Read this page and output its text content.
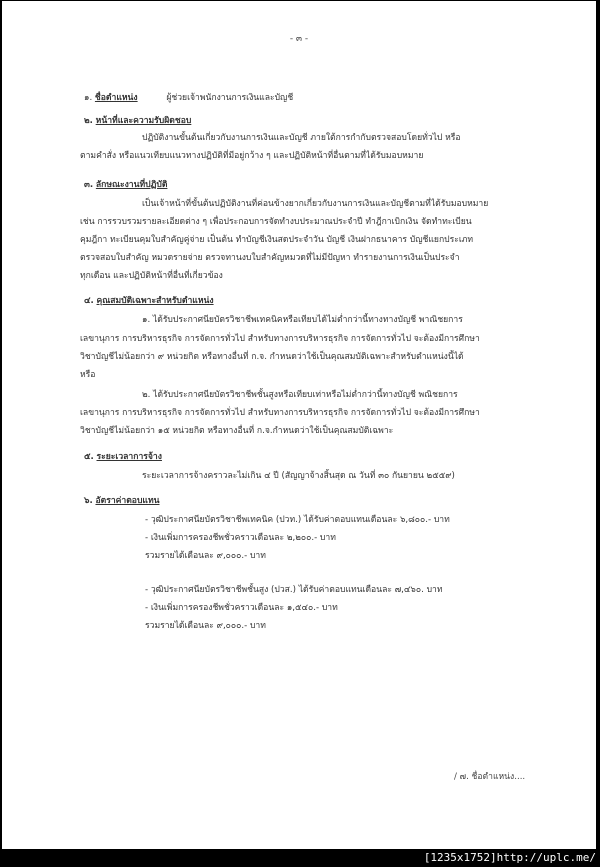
- ๓ -
๑. ชื่อตำแหน่ง	ผู้ช่วยเจ้าพนักงานการเงินและบัญชี
๒. หน้าที่และความรับผิดชอบ
ปฏิบัติงานขั้นต้นเกี่ยวกับงานการเงินและบัญชี ภายใต้การกำกับตรวจสอบโดยทั่วไป หรือ
ตามคำสั่ง หรือแนวเทียบแนวทางปฏิบัติที่มีอยู่กว้าง ๆ และปฏิบัติหน้าที่อื่นตามที่ได้รับมอบหมาย
๓. ลักษณะงานที่ปฏิบัติ
เป็นเจ้าหน้าที่ขั้นต้นปฏิบัติงานที่ค่อนข้างยากเกี่ยวกับงานการเงินและบัญชีตามที่ได้รับมอบหมาย
เช่น การรวบรวมรายละเอียดต่าง ๆ เพื่อประกอบการจัดทำงบประมาณประจำปี ทำฎีกาเบิกเงิน จัดทำทะเบียน
คุมฎีกา ทะเบียนคุมใบสำคัญคู่จ่าย เป็นต้น ทำบัญชีเงินสดประจำวัน บัญชี เงินฝากธนาคาร บัญชีแยกประเภท
ตรวจสอบใบสำคัญ หมวดรายจ่าย ตรวจทานงบใบสำคัญหมวดที่ไม่มีปัญหา ทำรายงานการเงินเป็นประจำ
ทุกเดือน และปฏิบัติหน้าที่อื่นที่เกี่ยวข้อง
๔. คุณสมบัติเฉพาะสำหรับตำแหน่ง
๑. ได้รับประกาศนียบัตรวิชาชีพเทคนิคหรือเทียบได้ไม่ต่ำกว่านี้ทางทางบัญชี พาณิชยการ
เลขานุการ การบริหารธุรกิจ การจัดการทั่วไป สำหรับทางการบริหารธุรกิจ การจัดการทั่วไป จะต้องมีการศึกษา
วิชาบัญชีไม่น้อยกว่า ๙ หน่วยกิต หรือทางอื่นที่ ก.จ. กำหนดว่าใช้เป็นคุณสมบัติเฉพาะสำหรับตำแหน่งนี้ได้
หรือ
๒. ได้รับประกาศนียบัตรวิชาชีพชั้นสูงหรือเทียบเท่าหรือไม่ต่ำกว่านี้ทางบัญชี พณิชยการ
เลขานุการ การบริหารธุรกิจ การจัดการทั่วไป สำหรับทางการบริหารธุรกิจ การจัดการทั่วไป จะต้องมีการศึกษา
วิชาบัญชีไม่น้อยกว่า ๑๕ หน่วยกิต หรือทางอื่นที่ ก.จ.กำหนดว่าใช้เป็นคุณสมบัติเฉพาะ
๕. ระยะเวลาการจ้าง
ระยะเวลาการจ้างคราวละไม่เกิน ๔ ปี (สัญญาจ้างสิ้นสุด ณ วันที่ ๓๐ กันยายน ๒๕๕๙)
๖. อัตราค่าตอบแทน
- วุฒิประกาศนียบัตรวิชาชีพเทคนิค (ปวท.) ได้รับค่าตอบแทนเดือนละ ๖,๘๐๐.- บาท
- เงินเพิ่มการครองชีพชั่วคราวเดือนละ ๒,๒๐๐.- บาท
รวมรายได้เดือนละ ๙,๐๐๐.- บาท
- วุฒิประกาศนียบัตรวิชาชีพชั้นสูง (ปวส.) ได้รับค่าตอบแทนเดือนละ ๗,๔๖๐. บาท
- เงินเพิ่มการครองชีพชั่วคราวเดือนละ ๑,๕๔๐.- บาท
รวมรายได้เดือนละ ๙,๐๐๐.- บาท
/ ๗. ชื่อตำแหน่ง....
[1235x1752]http://uplc.me/
